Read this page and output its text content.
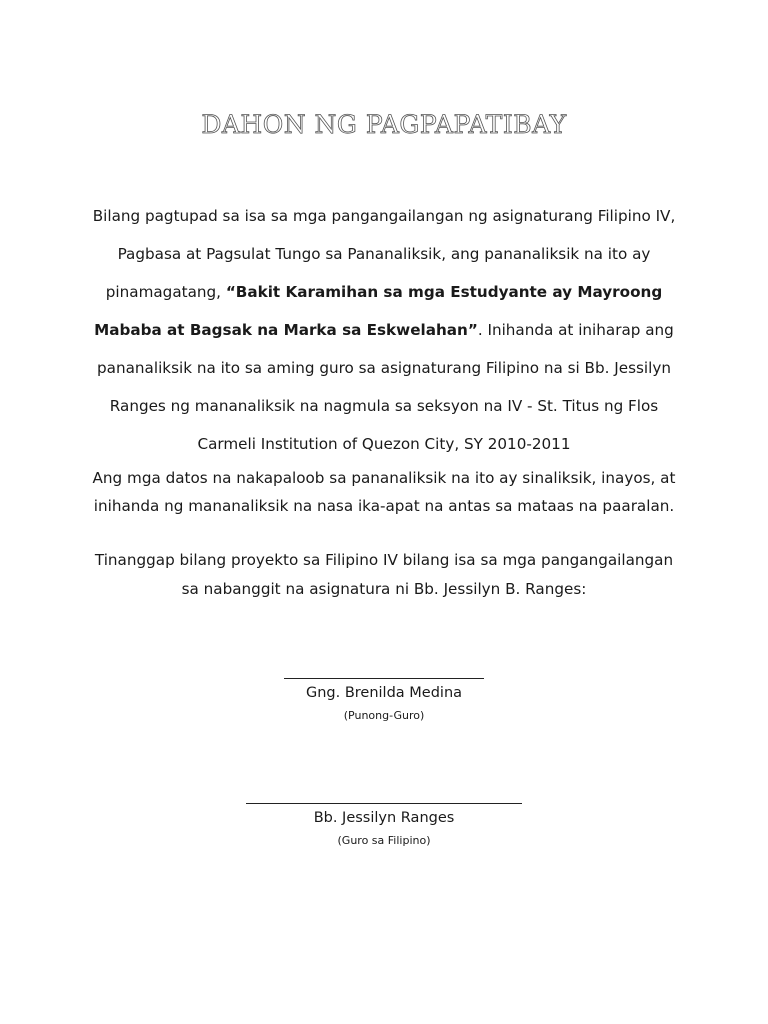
DAHON NG PAGPAPATIBAY

Bilang pagtupad sa isa sa mga pangangailangan ng asignaturang Filipino IV, Pagbasa at Pagsulat Tungo sa Pananaliksik, ang pananaliksik na ito ay pinamagatang, “Bakit Karamihan sa mga Estudyante ay Mayroong Mababa at Bagsak na Marka sa Eskwelahan”. Inihanda at iniharap ang pananaliksik na ito sa aming guro sa asignaturang Filipino na si Bb. Jessilyn Ranges ng mananaliksik na nagmula sa seksyon na IV - St. Titus ng Flos Carmeli Institution of Quezon City, SY 2010-2011

Ang mga datos na nakapaloob sa pananaliksik na ito ay sinaliksik, inayos, at inihanda ng mananaliksik na nasa ika-apat na antas sa mataas na paaralan.

Tinanggap bilang proyekto sa Filipino IV bilang isa sa mga pangangailangan sa nabanggit na asignatura ni Bb. Jessilyn B. Ranges:

Gng. Brenilda Medina
(Punong-Guro)
Bb. Jessilyn Ranges
(Guro sa Filipino)
